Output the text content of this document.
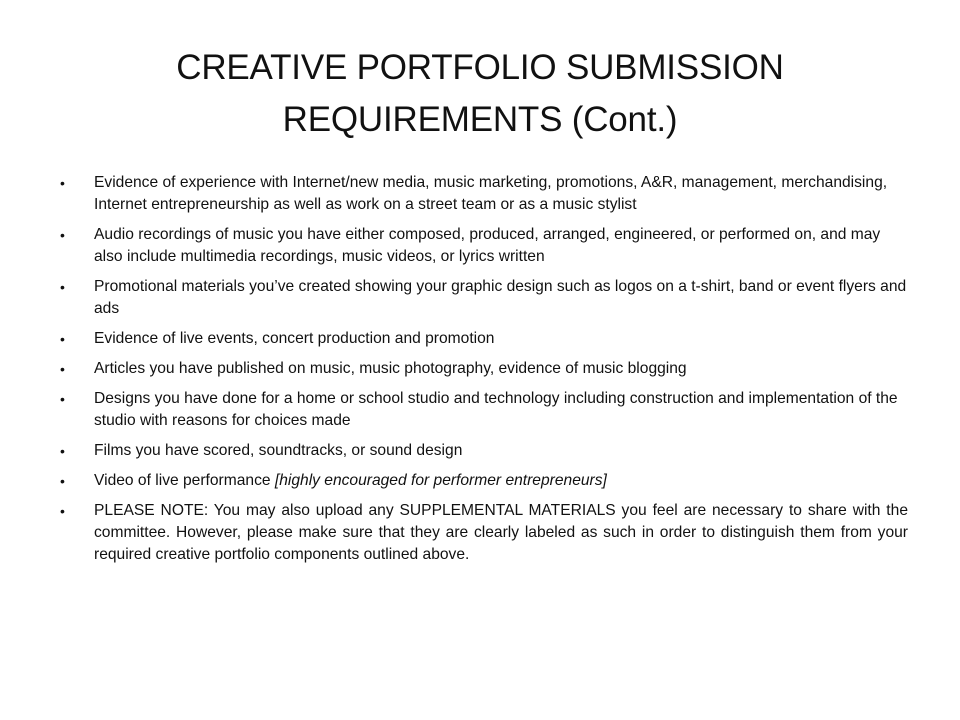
CREATIVE PORTFOLIO SUBMISSION
REQUIREMENTS (Cont.)
•	Evidence of experience with Internet/new media, music marketing, promotions, A&R, management, merchandising, Internet entrepreneurship as well as work on a street team or as a music stylist
•	Audio recordings of music you have either composed, produced, arranged, engineered, or performed on, and may also include multimedia recordings, music videos, or lyrics written
•	Promotional materials you’ve created showing your graphic design such as logos on a t-shirt, band or event flyers and ads
•	Evidence of live events, concert production and promotion
•	Articles you have published on music, music photography, evidence of music blogging
•	Designs you have done for a home or school studio and technology including construction and implementation of the studio with reasons for choices made
•	Films you have scored, soundtracks, or sound design
•	Video of live performance [highly encouraged for performer entrepreneurs]
•	PLEASE NOTE: You may also upload any SUPPLEMENTAL MATERIALS you feel are necessary to share with the committee. However, please make sure that they are clearly labeled as such in order to distinguish them from your required creative portfolio components outlined above.
